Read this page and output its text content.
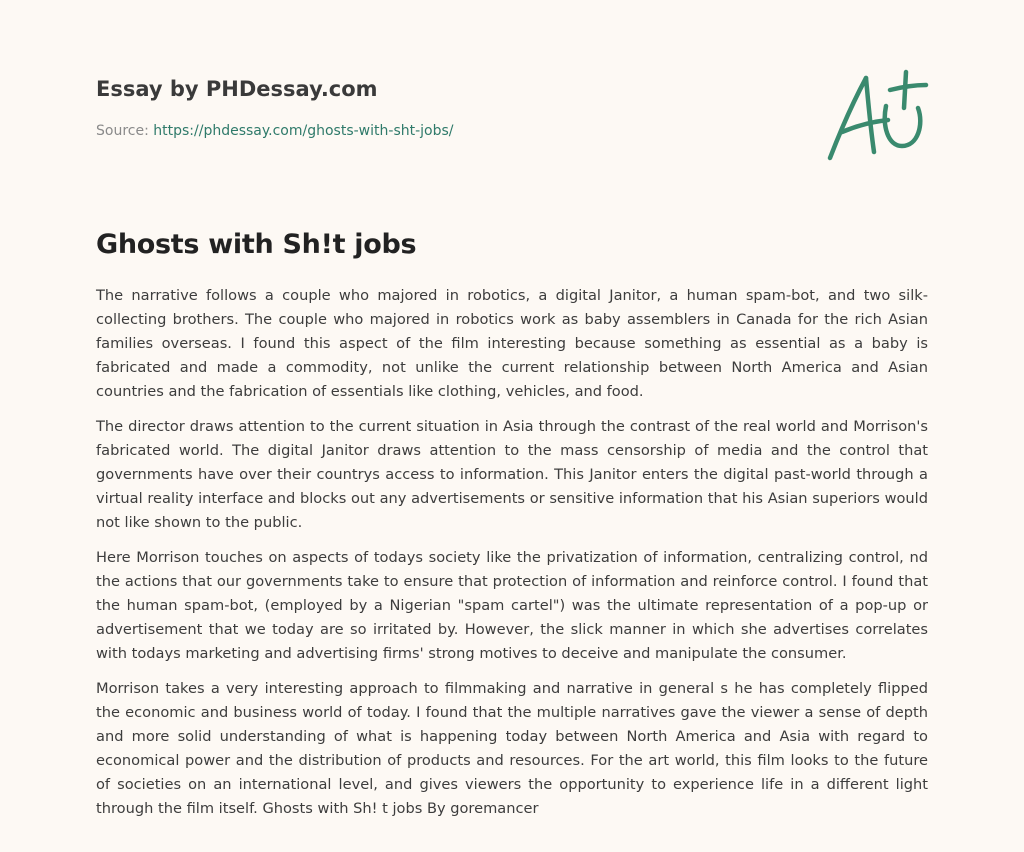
Essay by PHDessay.com
Source: https://phdessay.com/ghosts-with-sht-jobs/
Ghosts with Sh!t jobs

The narrative follows a couple who majored in robotics, a digital Janitor, a human spam-bot, and two silk-collecting brothers. The couple who majored in robotics work as baby assemblers in Canada for the rich Asian families overseas. I found this aspect of the film interesting because something as essential as a baby is fabricated and made a commodity, not unlike the current relationship between North America and Asian countries and the fabrication of essentials like clothing, vehicles, and food.

The director draws attention to the current situation in Asia through the contrast of the real world and Morrison's fabricated world. The digital Janitor draws attention to the mass censorship of media and the control that governments have over their countrys access to information. This Janitor enters the digital past-world through a virtual reality interface and blocks out any advertisements or sensitive information that his Asian superiors would not like shown to the public.

Here Morrison touches on aspects of todays society like the privatization of information, centralizing control, nd the actions that our governments take to ensure that protection of information and reinforce control. I found that the human spam-bot, (employed by a Nigerian "spam cartel") was the ultimate representation of a pop-up or advertisement that we today are so irritated by. However, the slick manner in which she advertises correlates with todays marketing and advertising firms' strong motives to deceive and manipulate the consumer.

Morrison takes a very interesting approach to filmmaking and narrative in general s he has completely flipped the economic and business world of today. I found that the multiple narratives gave the viewer a sense of depth and more solid understanding of what is happening today between North America and Asia with regard to economical power and the distribution of products and resources. For the art world, this film looks to the future of societies on an international level, and gives viewers the opportunity to experience life in a different light through the film itself. Ghosts with Sh! t jobs By goremancer
